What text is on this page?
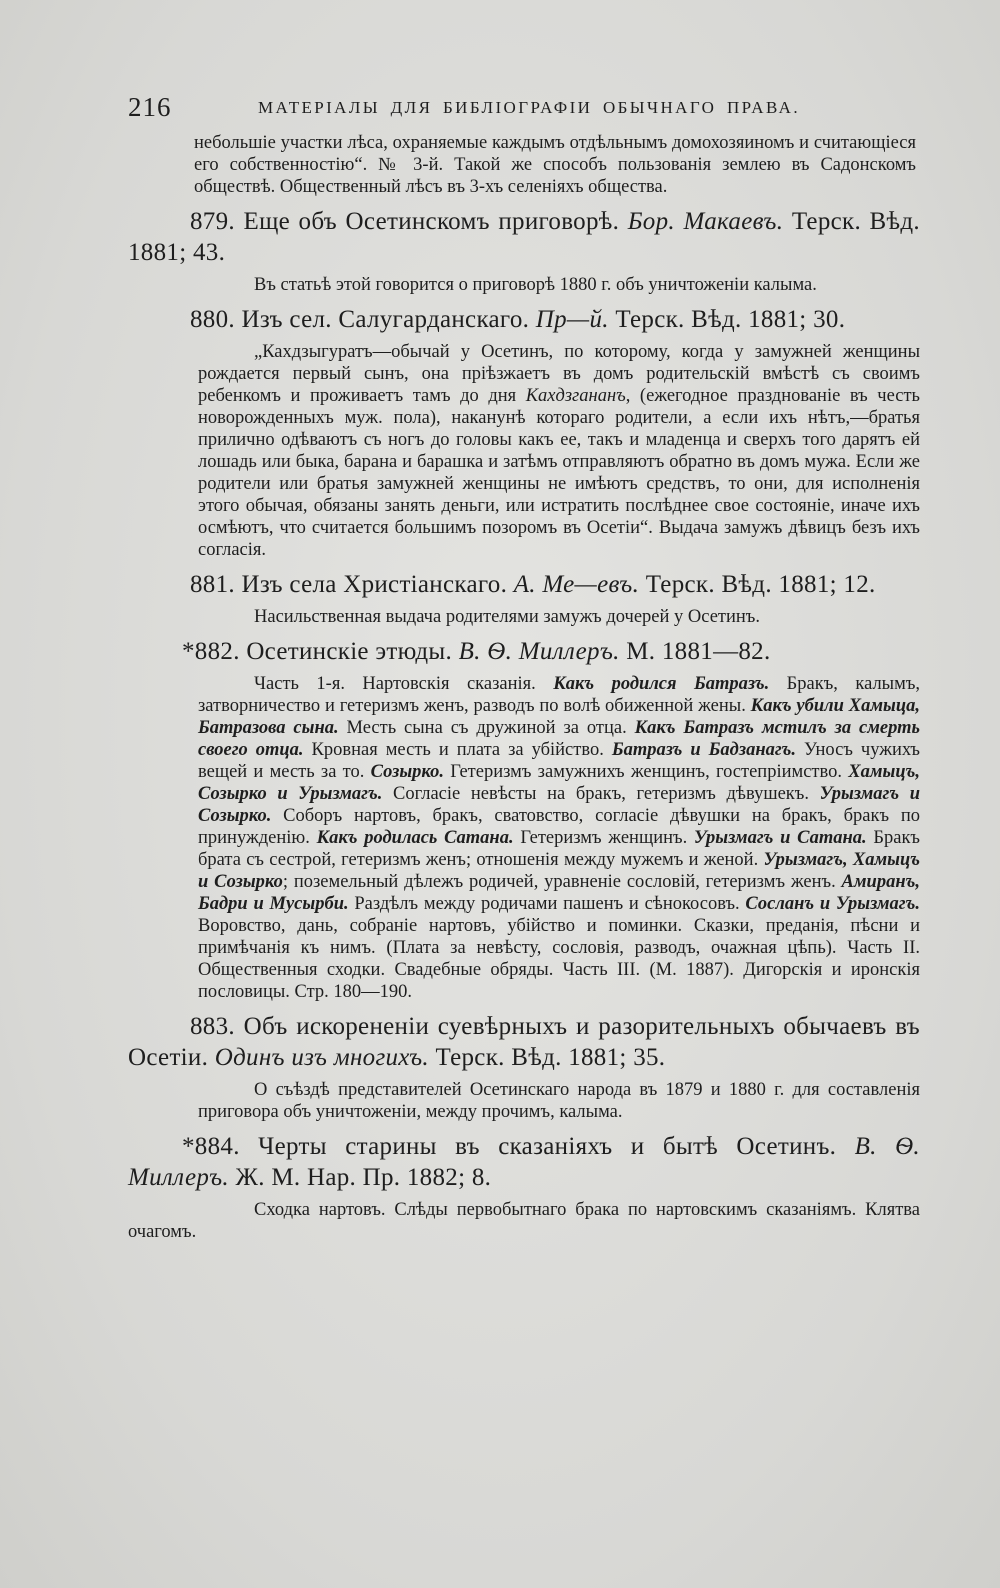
216	МАТЕРІАЛЫ ДЛЯ БИБЛІОГРАФІИ ОБЫЧНАГО ПРАВА.

небольшіе участки лѣса, охраняемые каждымъ отдѣльнымъ домохозяиномъ и считающіеся его собственностію“. № 3-й. Такой же способъ пользованія землею въ Садонскомъ обществѣ. Общественный лѣсъ въ 3-хъ селеніяхъ общества.

879. Еще объ Осетинскомъ приговорѣ. Бор. Макаевъ. Терск. Вѣд. 1881; 43.

Въ статьѣ этой говорится о приговорѣ 1880 г. объ уничтоженіи калыма.

880. Изъ сел. Салугарданскаго. Пр—й. Терск. Вѣд. 1881; 30.

„Кахдзыгуратъ—обычай у Осетинъ, по которому, когда у замужней женщины рождается первый сынъ, она пріѣзжаетъ въ домъ родительскій вмѣстѣ съ своимъ ребенкомъ и проживаетъ тамъ до дня Кахдзгананъ, (ежегодное празднованіе въ честь новорожденныхъ муж. пола), наканунѣ котораго родители, а если ихъ нѣтъ,—братья прилично одѣваютъ съ ногъ до головы какъ ее, такъ и младенца и сверхъ того дарятъ ей лошадь или быка, барана и барашка и затѣмъ отправляютъ обратно въ домъ мужа. Если же родители или братья замужней женщины не имѣютъ средствъ, то они, для исполненія этого обычая, обязаны занять деньги, или истратить послѣднее свое состояніе, иначе ихъ осмѣютъ, что считается большимъ позоромъ въ Осетіи“. Выдача замужъ дѣвицъ безъ ихъ согласія.

881. Изъ села Христіанскаго. А. Ме—евъ. Терск. Вѣд. 1881; 12.

Насильственная выдача родителями замужъ дочерей у Осетинъ.

*882. Осетинскіе этюды. В. Ѳ. Миллеръ. М. 1881—82.

Часть 1-я. Нартовскія сказанія. Какъ родился Батразъ. Бракъ, калымъ, затворничество и гетеризмъ женъ, разводъ по волѣ обиженной жены. Какъ убили Хамыца, Батразова сына. Месть сына съ дружиной за отца. Какъ Батразъ мстилъ за смерть своего отца. Кровная месть и плата за убійство. Батразъ и Бадзанагъ. Уносъ чужихъ вещей и месть за то. Созырко. Гетеризмъ замужнихъ женщинъ, гостепріимство. Хамыцъ, Созырко и Урызмагъ. Согласіе невѣсты на бракъ, гетеризмъ дѣвушекъ. Урызмагъ и Созырко. Соборъ нартовъ, бракъ, сватовство, согласіе дѣвушки на бракъ, бракъ по принужденію. Какъ родилась Сатана. Гетеризмъ женщинъ. Урызмагъ и Сатана. Бракъ брата съ сестрой, гетеризмъ женъ; отношенія между мужемъ и женой. Урызмагъ, Хамыцъ и Созырко; поземельный дѣлежъ родичей, уравненіе сословій, гетеризмъ женъ. Амиранъ, Бадри и Мусырби. Раздѣлъ между родичами пашенъ и сѣнокосовъ. Сосланъ и Урызмагъ. Воровство, дань, собраніе нартовъ, убійство и поминки. Сказки, преданія, пѣсни и примѣчанія къ нимъ. (Плата за невѣсту, сословія, разводъ, очажная цѣпь). Часть II. Общественныя сходки. Свадебные обряды. Часть III. (М. 1887). Дигорскія и иронскія пословицы. Стр. 180—190.

883. Объ искорененіи суевѣрныхъ и разорительныхъ обычаевъ въ Осетіи. Одинъ изъ многихъ. Терск. Вѣд. 1881; 35.

О съѣздѣ представителей Осетинскаго народа въ 1879 и 1880 г. для составленія приговора объ уничтоженіи, между прочимъ, калыма.

*884. Черты старины въ сказаніяхъ и бытѣ Осетинъ. В. Ѳ. Миллеръ. Ж. М. Нар. Пр. 1882; 8.

Сходка нартовъ. Слѣды первобытнаго брака по нартовскимъ сказаніямъ. Клятва очагомъ.
